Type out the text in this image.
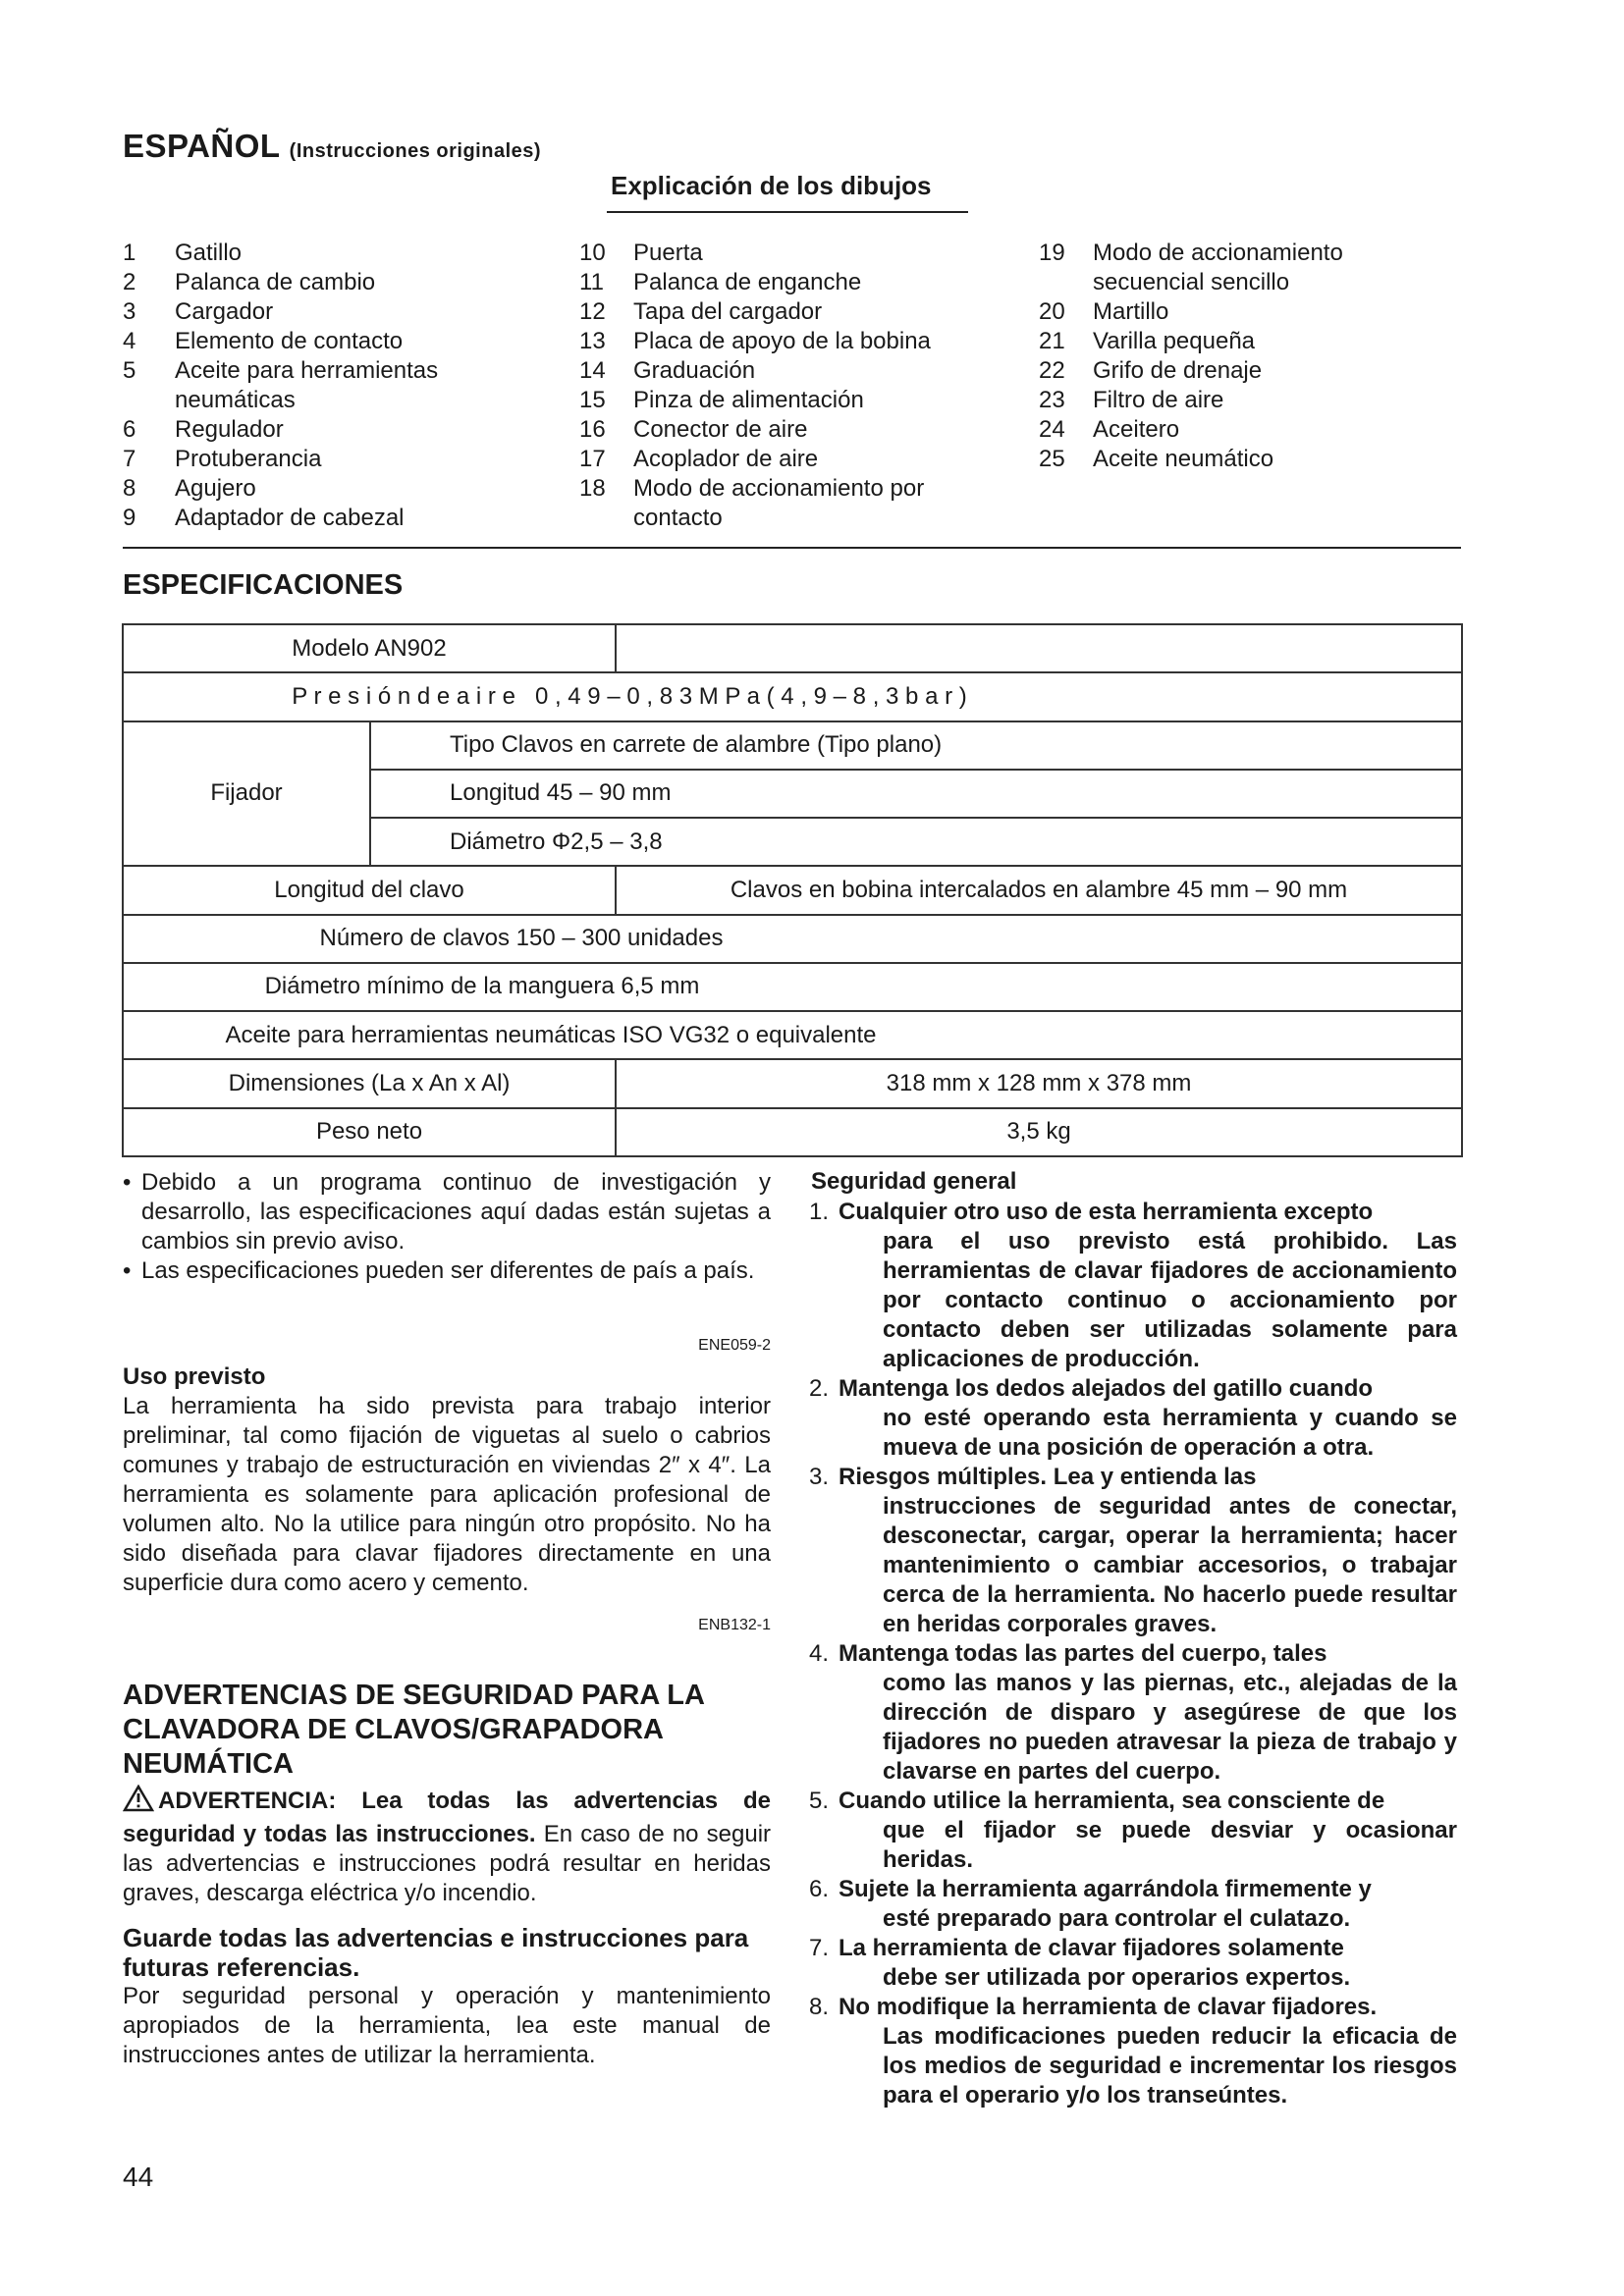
ESPAÑOL (Instrucciones originales)
Explicación de los dibujos
1	Gatillo
2	Palanca de cambio
3	Cargador
4	Elemento de contacto
5	Aceite para herramientas neumáticas
6	Regulador
7	Protuberancia
8	Agujero
9	Adaptador de cabezal
10	Puerta
11	Palanca de enganche
12	Tapa del cargador
13	Placa de apoyo de la bobina
14	Graduación
15	Pinza de alimentación
16	Conector de aire
17	Acoplador de aire
18	Modo de accionamiento por contacto
19	Modo de accionamiento secuencial sencillo
20	Martillo
21	Varilla pequeña
22	Grifo de drenaje
23	Filtro de aire
24	Aceitero
25	Aceite neumático
ESPECIFICACIONES
Modelo AN902		
P r e s i ó n d e a i r e   0 , 4 9 – 0 , 8 3 M P a ( 4 , 9 – 8 , 3 b a r )		
Fijador	Tipo Clavos en carrete de alambre (Tipo plano)	
	Longitud 45 – 90 mm	
	Diámetro Φ2,5 – 3,8	
Longitud del clavo		Clavos en bobina intercalados en alambre 45 mm – 90 mm
Número de clavos 150 – 300 unidades		
Diámetro mínimo de la manguera 6,5 mm		
Aceite para herramientas neumáticas ISO VG32 o equivalente		
Dimensiones (La x An x Al)		318 mm x 128 mm x 378 mm
Peso neto		3,5 kg
• Debido a un programa continuo de investigación y desarrollo, las especificaciones aquí dadas están sujetas a cambios sin previo aviso.
• Las especificaciones pueden ser diferentes de país a país.
ENE059-2
Uso previsto
La herramienta ha sido prevista para trabajo interior preliminar, tal como fijación de viguetas al suelo o cabrios comunes y trabajo de estructuración en viviendas 2″ x 4″. La herramienta es solamente para aplicación profesional de volumen alto. No la utilice para ningún otro propósito. No ha sido diseñada para clavar fijadores directamente en una superficie dura como acero y cemento.
ENB132-1
ADVERTENCIAS DE SEGURIDAD PARA LA CLAVADORA DE CLAVOS/GRAPADORA NEUMÁTICA
ADVERTENCIA: Lea todas las advertencias de seguridad y todas las instrucciones. En caso de no seguir las advertencias e instrucciones podrá resultar en heridas graves, descarga eléctrica y/o incendio.
Guarde todas las advertencias e instrucciones para futuras referencias.
Por seguridad personal y operación y mantenimiento apropiados de la herramienta, lea este manual de instrucciones antes de utilizar la herramienta.
Seguridad general
1. Cualquier otro uso de esta herramienta excepto
para el uso previsto está prohibido. Las herramientas de clavar fijadores de accionamiento por contacto continuo o accionamiento por contacto deben ser utilizadas solamente para aplicaciones de producción.
2. Mantenga los dedos alejados del gatillo cuando
no esté operando esta herramienta y cuando se mueva de una posición de operación a otra.
3. Riesgos múltiples. Lea y entienda las
instrucciones de seguridad antes de conectar, desconectar, cargar, operar la herramienta; hacer mantenimiento o cambiar accesorios, o trabajar cerca de la herramienta. No hacerlo puede resultar en heridas corporales graves.
4. Mantenga todas las partes del cuerpo, tales
como las manos y las piernas, etc., alejadas de la dirección de disparo y asegúrese de que los fijadores no pueden atravesar la pieza de trabajo y clavarse en partes del cuerpo.
5. Cuando utilice la herramienta, sea consciente de
que el fijador se puede desviar y ocasionar heridas.
6. Sujete la herramienta agarrándola firmemente y
esté preparado para controlar el culatazo.
7. La herramienta de clavar fijadores solamente
debe ser utilizada por operarios expertos.
8. No modifique la herramienta de clavar fijadores.
Las modificaciones pueden reducir la eficacia de los medios de seguridad e incrementar los riesgos para el operario y/o los transeúntes.
44
